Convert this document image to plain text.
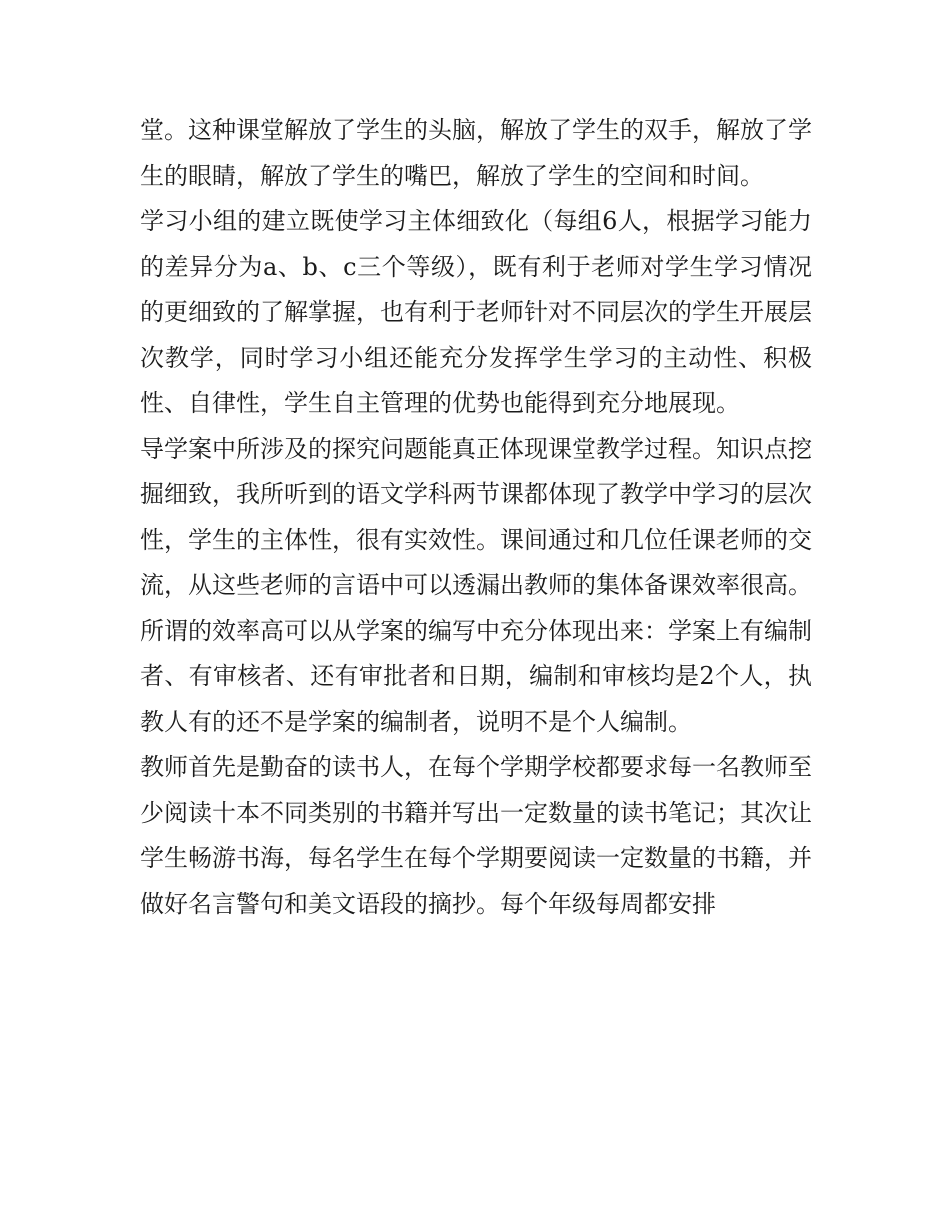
堂。这种课堂解放了学生的头脑，解放了学生的双手，解放了学生的眼睛，解放了学生的嘴巴，解放了学生的空间和时间。

学习小组的建立既使学习主体细致化（每组6人，根据学习能力的差异分为a、b、c三个等级），既有利于老师对学生学习情况的更细致的了解掌握，也有利于老师针对不同层次的学生开展层次教学，同时学习小组还能充分发挥学生学习的主动性、积极性、自律性，学生自主管理的优势也能得到充分地展现。

导学案中所涉及的探究问题能真正体现课堂教学过程。知识点挖掘细致，我所听到的语文学科两节课都体现了教学中学习的层次性，学生的主体性，很有实效性。课间通过和几位任课老师的交流，从这些老师的言语中可以透漏出教师的集体备课效率很高。所谓的效率高可以从学案的编写中充分体现出来：学案上有编制者、有审核者、还有审批者和日期，编制和审核均是2个人，执教人有的还不是学案的编制者，说明不是个人编制。

教师首先是勤奋的读书人，在每个学期学校都要求每一名教师至少阅读十本不同类别的书籍并写出一定数量的读书笔记；其次让学生畅游书海，每名学生在每个学期要阅读一定数量的书籍，并做好名言警句和美文语段的摘抄。每个年级每周都安排
